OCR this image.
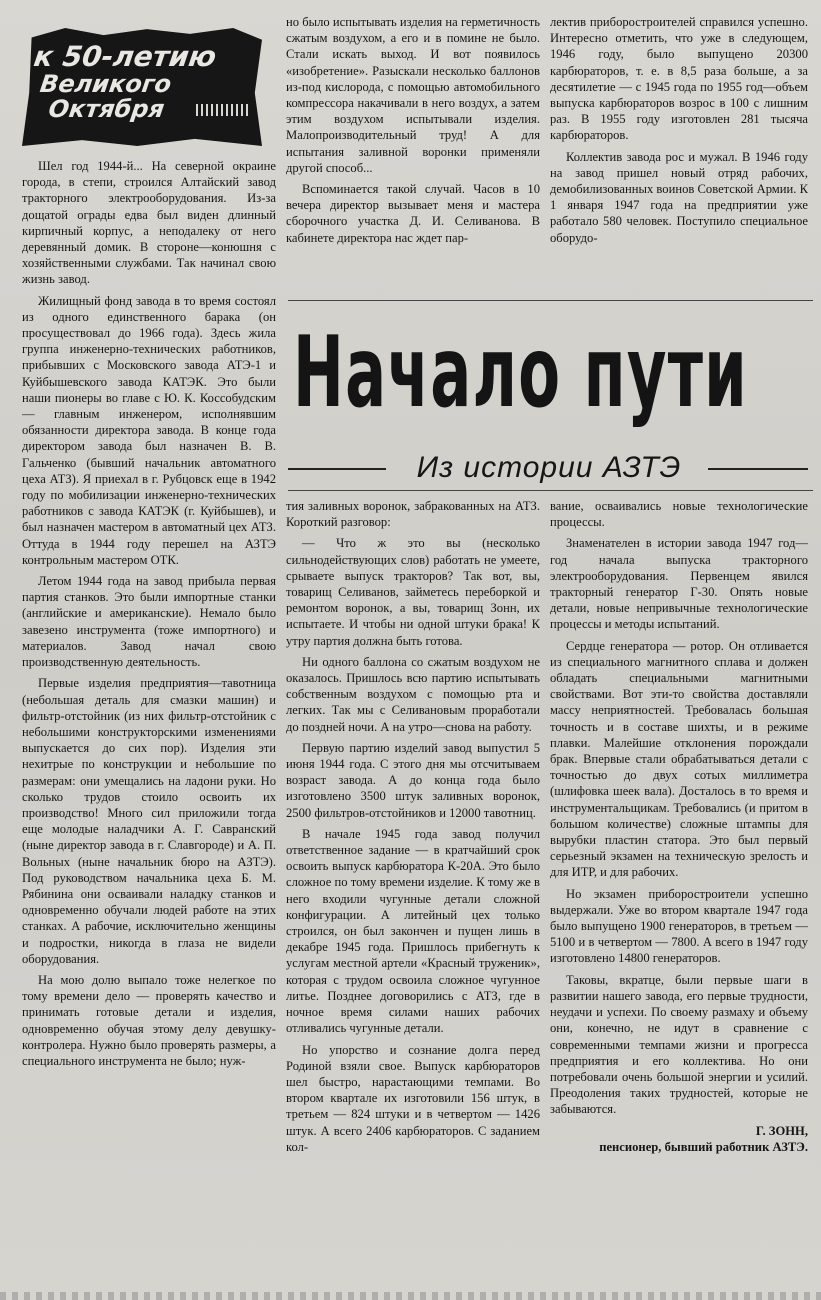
к 50-летию
Великого
Октября

Шел год 1944-й... На северной окраине города, в степи, строился Алтайский завод тракторного электрооборудования. Из-за дощатой ограды едва был виден длинный кирпичный корпус, а неподалеку от него деревянный домик. В стороне—конюшня с хозяйственными службами. Так начинал свою жизнь завод.

Жилищный фонд завода в то время состоял из одного единственного барака (он просуществовал до 1966 года). Здесь жила группа инженерно-технических работников, прибывших с Московского завода АТЭ-1 и Куйбышевского завода КАТЭК. Это были наши пионеры во главе с Ю. К. Коссобудским — главным инженером, исполнявшим обязанности директора завода. В конце года директором завода был назначен В. В. Гальченко (бывший начальник автоматного цеха АТЗ). Я приехал в г. Рубцовск еще в 1942 году по мобилизации инженерно-технических работников с завода КАТЭК (г. Куйбышев), и был назначен мастером в автоматный цех АТЗ. Оттуда в 1944 году перешел на АЗТЭ контрольным мастером ОТК.

Летом 1944 года на завод прибыла первая партия станков. Это были импортные станки (английские и американские). Немало было завезено инструмента (тоже импортного) и материалов. Завод начал свою производственную деятельность.

Первые изделия предприятия—тавотница (небольшая деталь для смазки машин) и фильтр-отстойник (из них фильтр-отстойник с небольшими конструкторскими изменениями выпускается до сих пор). Изделия эти нехитрые по конструкции и небольшие по размерам: они умещались на ладони руки. Но сколько трудов стоило освоить их производство! Много сил приложили тогда еще молодые наладчики А. Г. Савранский (ныне директор завода в г. Славгороде) и А. П. Вольных (ныне начальник бюро на АЗТЭ). Под руководством начальника цеха Б. М. Рябинина они осваивали наладку станков и одновременно обучали людей работе на этих станках. А рабочие, исключительно женщины и подростки, никогда в глаза не видели оборудования.

На мою долю выпало тоже нелегкое по тому времени дело — проверять качество и принимать готовые детали и изделия, одновременно обучая этому делу девушку-контролера. Нужно было проверять размеры, а специального инструмента не было; нуж-

но было испытывать изделия на герметичность сжатым воздухом, а его и в помине не было. Стали искать выход. И вот появилось «изобретение». Разыскали несколько баллонов из-под кислорода, с помощью автомобильного компрессора накачивали в него воздух, а затем этим воздухом испытывали изделия. Малопроизводительный труд! А для испытания заливной воронки применяли другой способ...

Вспоминается такой случай. Часов в 10 вечера директор вызывает меня и мастера сборочного участка Д. И. Селиванова. В кабинете директора нас ждет пар-

лектив приборостроителей справился успешно. Интересно отметить, что уже в следующем, 1946 году, было выпущено 20300 карбюраторов, т. е. в 8,5 раза больше, а за десятилетие — с 1945 года по 1955 год—объем выпуска карбюраторов возрос в 100 с лишним раз. В 1955 году изготовлен 281 тысяча карбюраторов.

Коллектив завода рос и мужал. В 1946 году на завод пришел новый отряд рабочих, демобилизованных воинов Советской Армии. К 1 января 1947 года на предприятии уже работало 580 человек. Поступило специальное оборудо-

Начало пути
Из истории АЗТЭ

тия заливных воронок, забракованных на АТЗ. Короткий разговор:

— Что ж это вы (несколько сильнодействующих слов) работать не умеете, срываете выпуск тракторов? Так вот, вы, товарищ Селиванов, займетесь переборкой и ремонтом воронок, а вы, товарищ Зонн, их испытаете. И чтобы ни одной штуки брака! К утру партия должна быть готова.

Ни одного баллона со сжатым воздухом не оказалось. Пришлось всю партию испытывать собственным воздухом с помощью рта и легких. Так мы с Селивановым проработали до поздней ночи. А на утро—снова на работу.

Первую партию изделий завод выпустил 5 июня 1944 года. С этого дня мы отсчитываем возраст завода. А до конца года было изготовлено 3500 штук заливных воронок, 2500 фильтров-отстойников и 12000 тавотниц.

В начале 1945 года завод получил ответственное задание — в кратчайший срок освоить выпуск карбюратора К-20А. Это было сложное по тому времени изделие. К тому же в него входили чугунные детали сложной конфигурации. А литейный цех только строился, он был закончен и пущен лишь в декабре 1945 года. Пришлось прибегнуть к услугам местной артели «Красный труженик», которая с трудом освоила сложное чугунное литье. Позднее договорились с АТЗ, где в ночное время силами наших рабочих отливались чугунные детали.

Но упорство и сознание долга перед Родиной взяли свое. Выпуск карбюраторов шел быстро, нарастающими темпами. Во втором квартале их изготовили 156 штук, в третьем — 824 штуки и в четвертом — 1426 штук. А всего 2406 карбюраторов. С заданием кол-

вание, осваивались новые технологические процессы.

Знаменателен в истории завода 1947 год—год начала выпуска тракторного электрооборудования. Первенцем явился тракторный генератор Г-30. Опять новые детали, новые непривычные технологические процессы и методы испытаний.

Сердце генератора — ротор. Он отливается из специального магнитного сплава и должен обладать специальными магнитными свойствами. Вот эти-то свойства доставляли массу неприятностей. Требовалась большая точность и в составе шихты, и в режиме плавки. Малейшие отклонения порождали брак. Впервые стали обрабатываться детали с точностью до двух сотых миллиметра (шлифовка шеек вала). Досталось в то время и инструментальщикам. Требовались (и притом в большом количестве) сложные штампы для вырубки пластин статора. Это был первый серьезный экзамен на техническую зрелость и для ИТР, и для рабочих.

Но экзамен приборостроители успешно выдержали. Уже во втором квартале 1947 года было выпущено 1900 генераторов, в третьем — 5100 и в четвертом — 7800. А всего в 1947 году изготовлено 14800 генераторов.

Таковы, вкратце, были первые шаги в развитии нашего завода, его первые трудности, неудачи и успехи. По своему размаху и объему они, конечно, не идут в сравнение с современными темпами жизни и прогресса предприятия и его коллектива. Но они потребовали очень большой энергии и усилий. Преодоления таких трудностей, которые не забываются.

Г. ЗОНН,
пенсионер, бывший работник АЗТЭ.
